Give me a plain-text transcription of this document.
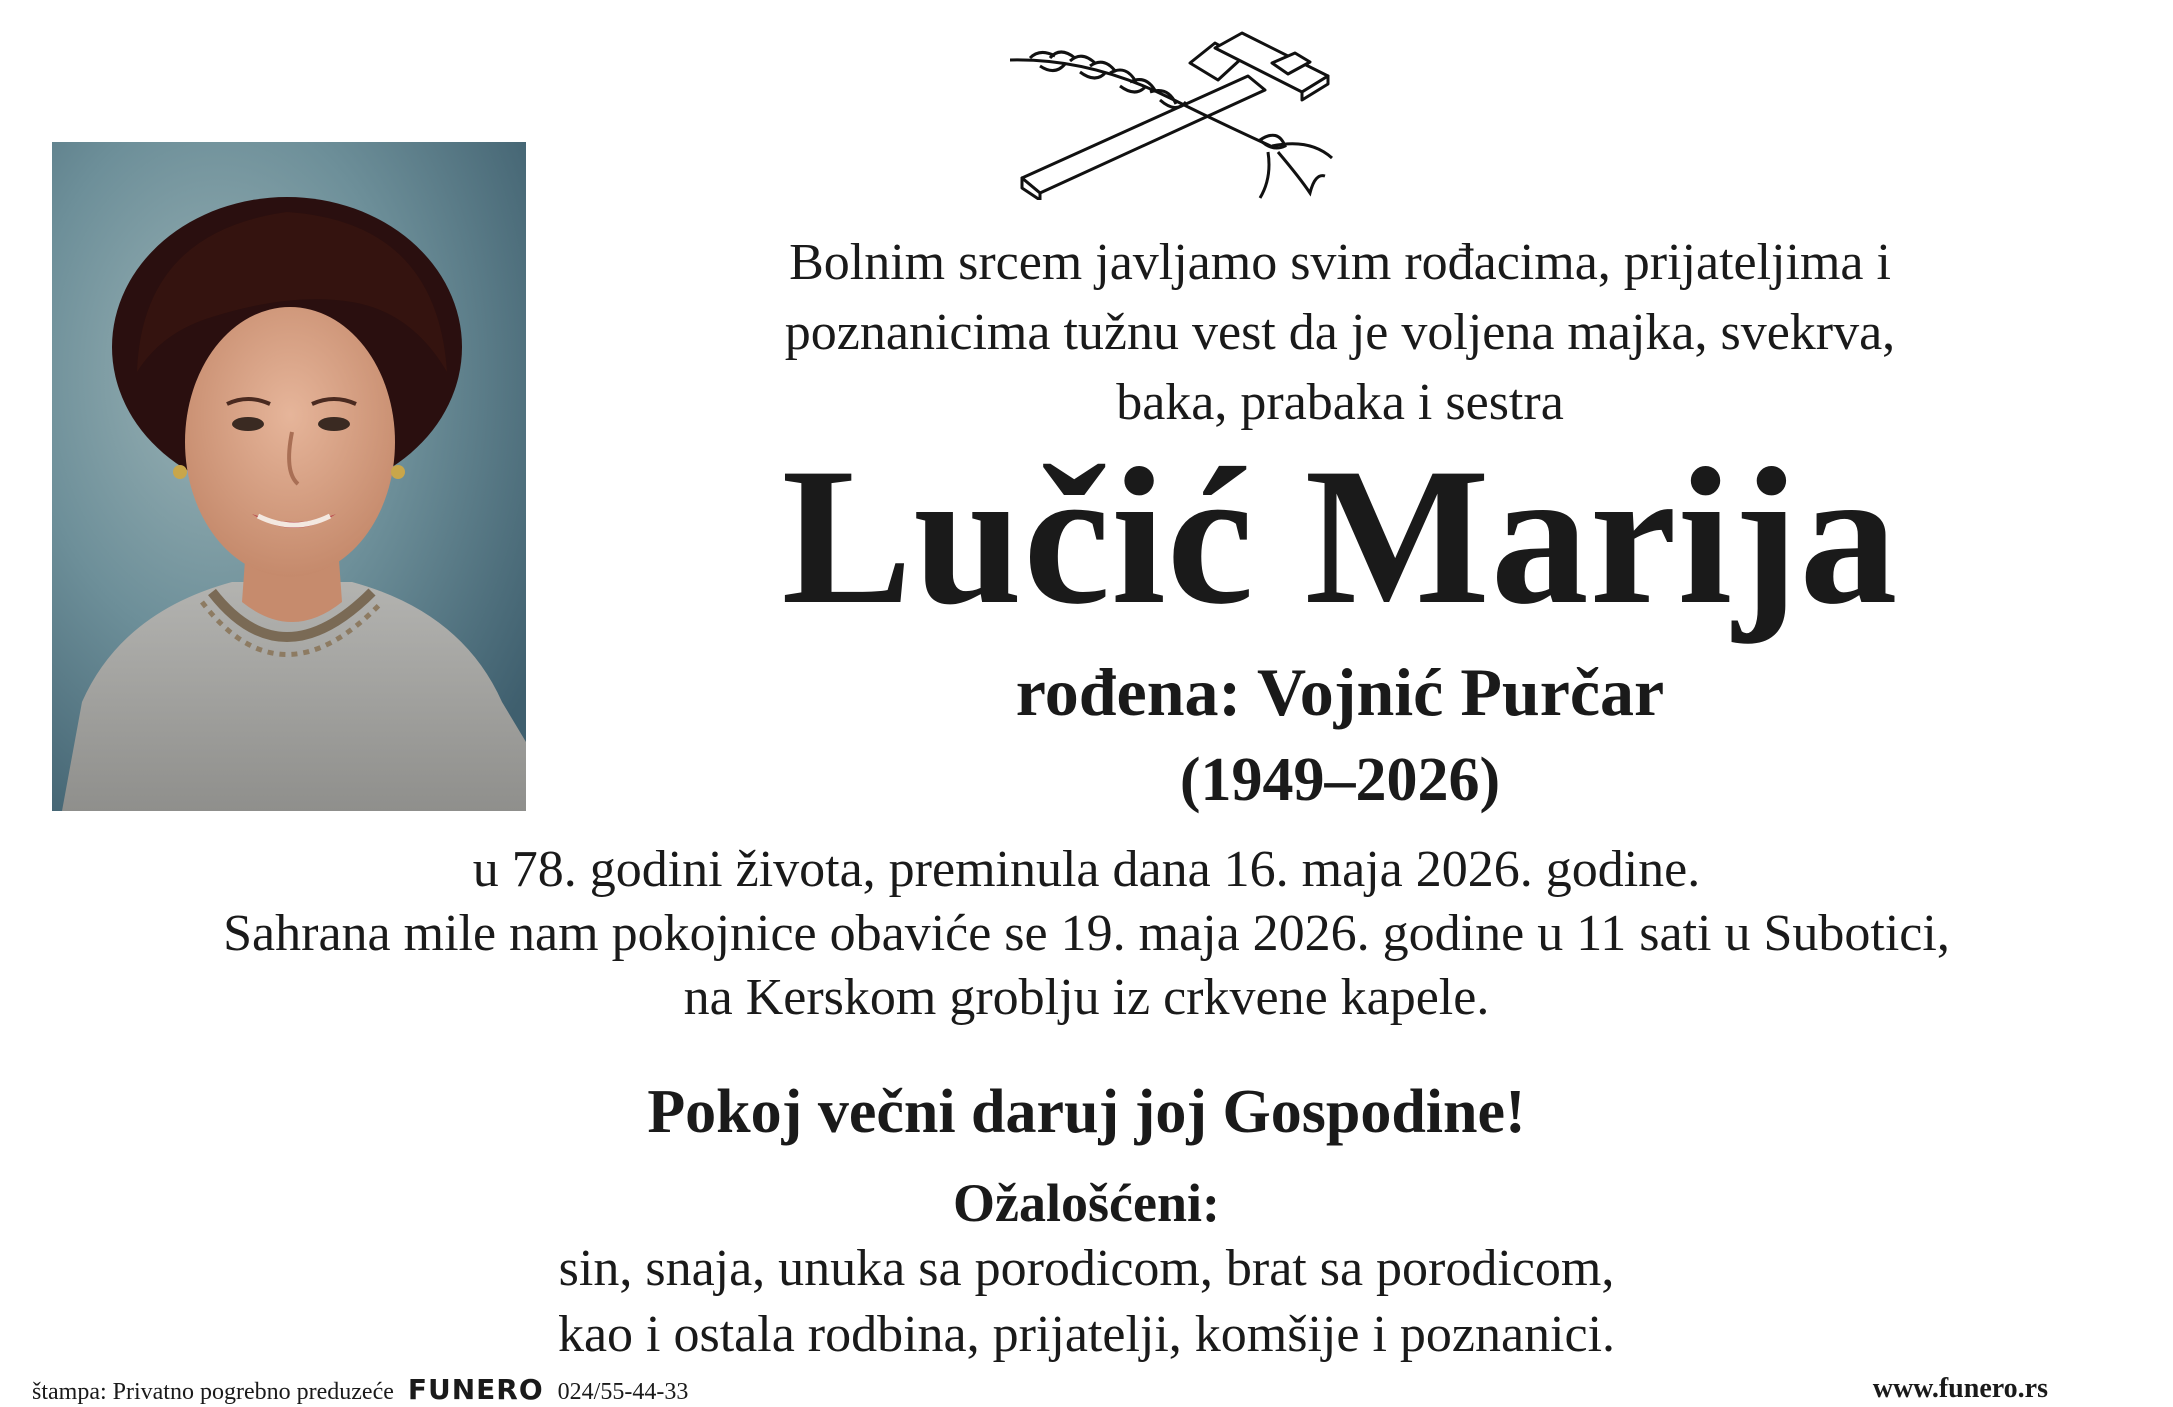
Bolnim srcem javljamo svim rođacima, prijateljima i
poznanicima tužnu vest da je voljena majka, svekrva,
baka, prabaka i sestra
Lučić Marija
rođena: Vojnić Purčar
(1949–2026)
u 78. godini života, preminula dana 16. maja 2026. godine.
Sahrana mile nam pokojnice obaviće se 19. maja 2026. godine u 11 sati u Subotici,
na Kerskom groblju iz crkvene kapele.
Pokoj večni daruj joj Gospodine!
Ožalošćeni:
sin, snaja, unuka sa porodicom, brat sa porodicom,
kao i ostala rodbina, prijatelji, komšije i poznanici.
štampa: Privatno pogrebno preduzeće FUNERO 024/55-44-33	www.funero.rs
